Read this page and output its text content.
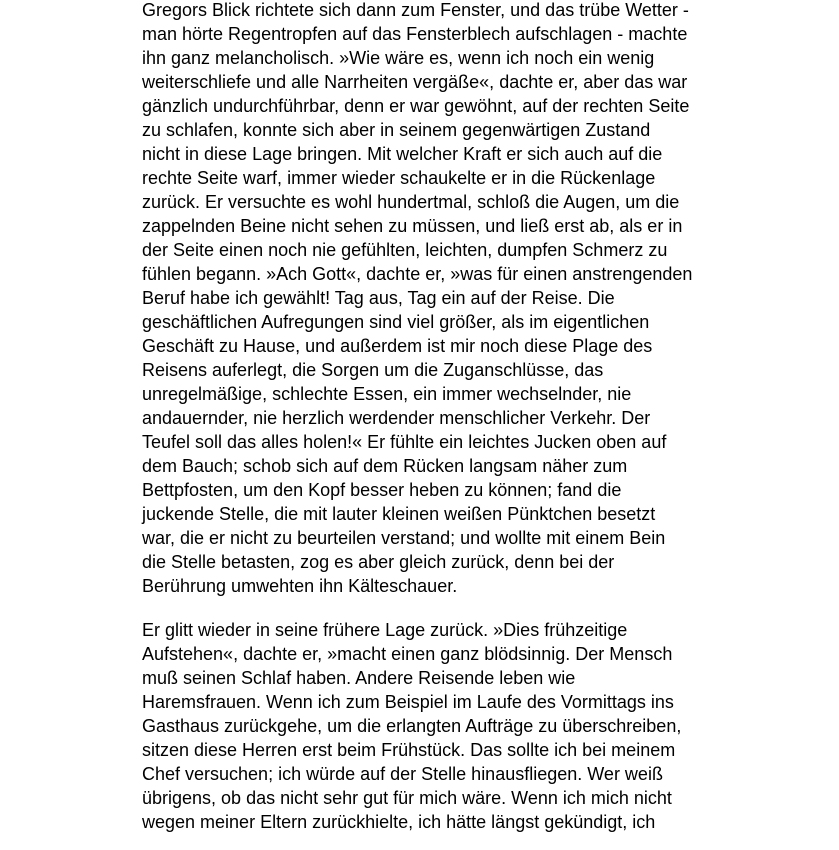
Gregors Blick richtete sich dann zum Fenster, und das trübe Wetter -
man hörte Regentropfen auf das Fensterblech aufschlagen - machte
ihn ganz melancholisch. »Wie wäre es, wenn ich noch ein wenig
weiterschliefe und alle Narrheiten vergäße«, dachte er, aber das war
gänzlich undurchführbar, denn er war gewöhnt, auf der rechten Seite
zu schlafen, konnte sich aber in seinem gegenwärtigen Zustand
nicht in diese Lage bringen. Mit welcher Kraft er sich auch auf die
rechte Seite warf, immer wieder schaukelte er in die Rückenlage
zurück. Er versuchte es wohl hundertmal, schloß die Augen, um die
zappelnden Beine nicht sehen zu müssen, und ließ erst ab, als er in
der Seite einen noch nie gefühlten, leichten, dumpfen Schmerz zu
fühlen begann. »Ach Gott«, dachte er, »was für einen anstrengenden
Beruf habe ich gewählt! Tag aus, Tag ein auf der Reise. Die
geschäftlichen Aufregungen sind viel größer, als im eigentlichen
Geschäft zu Hause, und außerdem ist mir noch diese Plage des
Reisens auferlegt, die Sorgen um die Zuganschlüsse, das
unregelmäßige, schlechte Essen, ein immer wechselnder, nie
andauernder, nie herzlich werdender menschlicher Verkehr. Der
Teufel soll das alles holen!« Er fühlte ein leichtes Jucken oben auf
dem Bauch; schob sich auf dem Rücken langsam näher zum
Bettpfosten, um den Kopf besser heben zu können; fand die
juckende Stelle, die mit lauter kleinen weißen Pünktchen besetzt
war, die er nicht zu beurteilen verstand; und wollte mit einem Bein
die Stelle betasten, zog es aber gleich zurück, denn bei der
Berührung umwehten ihn Kälteschauer.
Er glitt wieder in seine frühere Lage zurück. »Dies frühzeitige
Aufstehen«, dachte er, »macht einen ganz blödsinnig. Der Mensch
muß seinen Schlaf haben. Andere Reisende leben wie
Haremsfrauen. Wenn ich zum Beispiel im Laufe des Vormittags ins
Gasthaus zurückgehe, um die erlangten Aufträge zu überschreiben,
sitzen diese Herren erst beim Frühstück. Das sollte ich bei meinem
Chef versuchen; ich würde auf der Stelle hinausfliegen. Wer weiß
übrigens, ob das nicht sehr gut für mich wäre. Wenn ich mich nicht
wegen meiner Eltern zurückhielte, ich hätte längst gekündigt, ich
